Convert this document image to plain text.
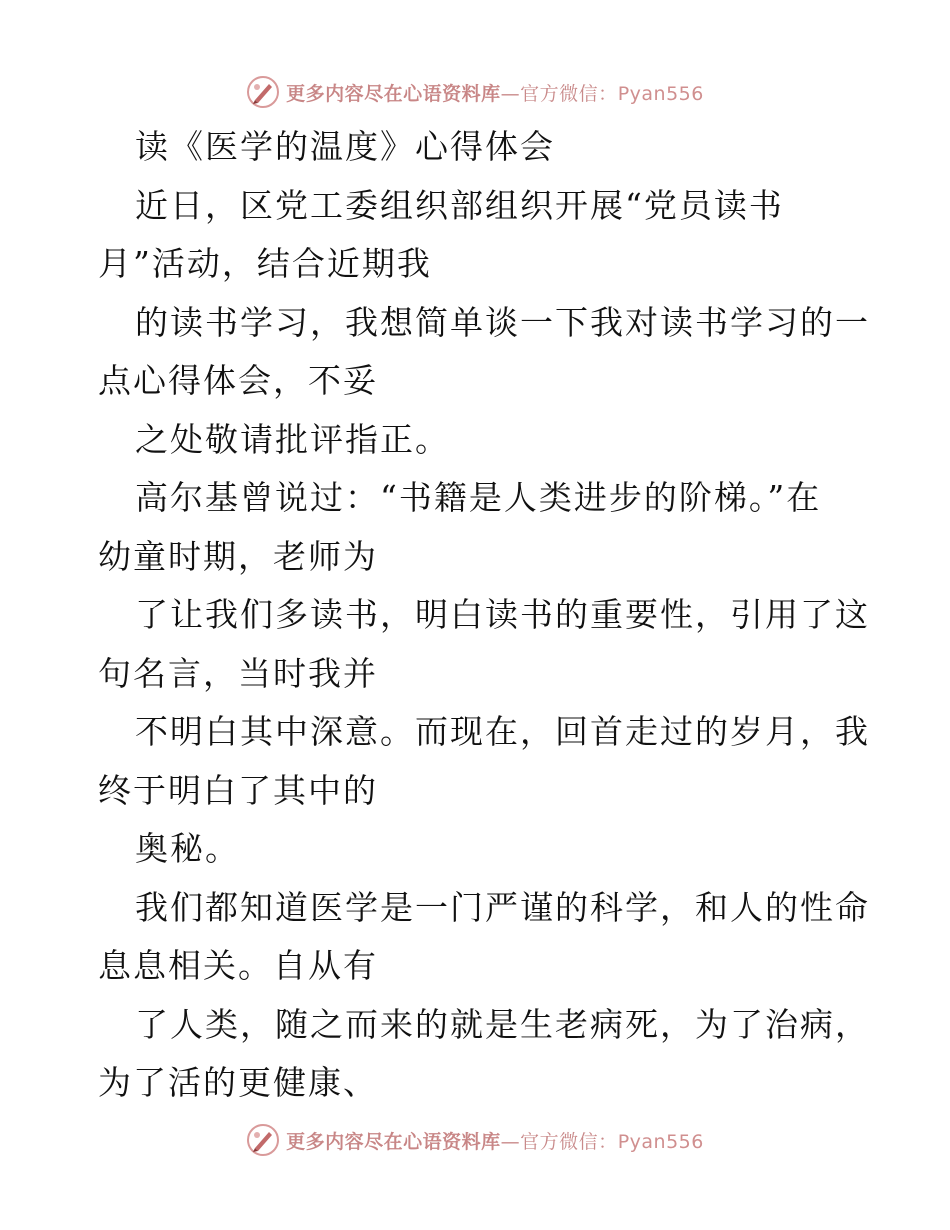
更多内容尽在心语资料库—官方微信：Pyan556
读《医学的温度》心得体会
近日，区党工委组织部组织开展“党员读书
月”活动，结合近期我
的读书学习，我想简单谈一下我对读书学习的一
点心得体会，不妥
之处敬请批评指正。
高尔基曾说过：“书籍是人类进步的阶梯。”在
幼童时期，老师为
了让我们多读书，明白读书的重要性，引用了这
句名言，当时我并
不明白其中深意。而现在，回首走过的岁月，我
终于明白了其中的
奥秘。
我们都知道医学是一门严谨的科学，和人的性命
息息相关。自从有
了人类，随之而来的就是生老病死，为了治病，
为了活的更健康、
更多内容尽在心语资料库—官方微信：Pyan556
